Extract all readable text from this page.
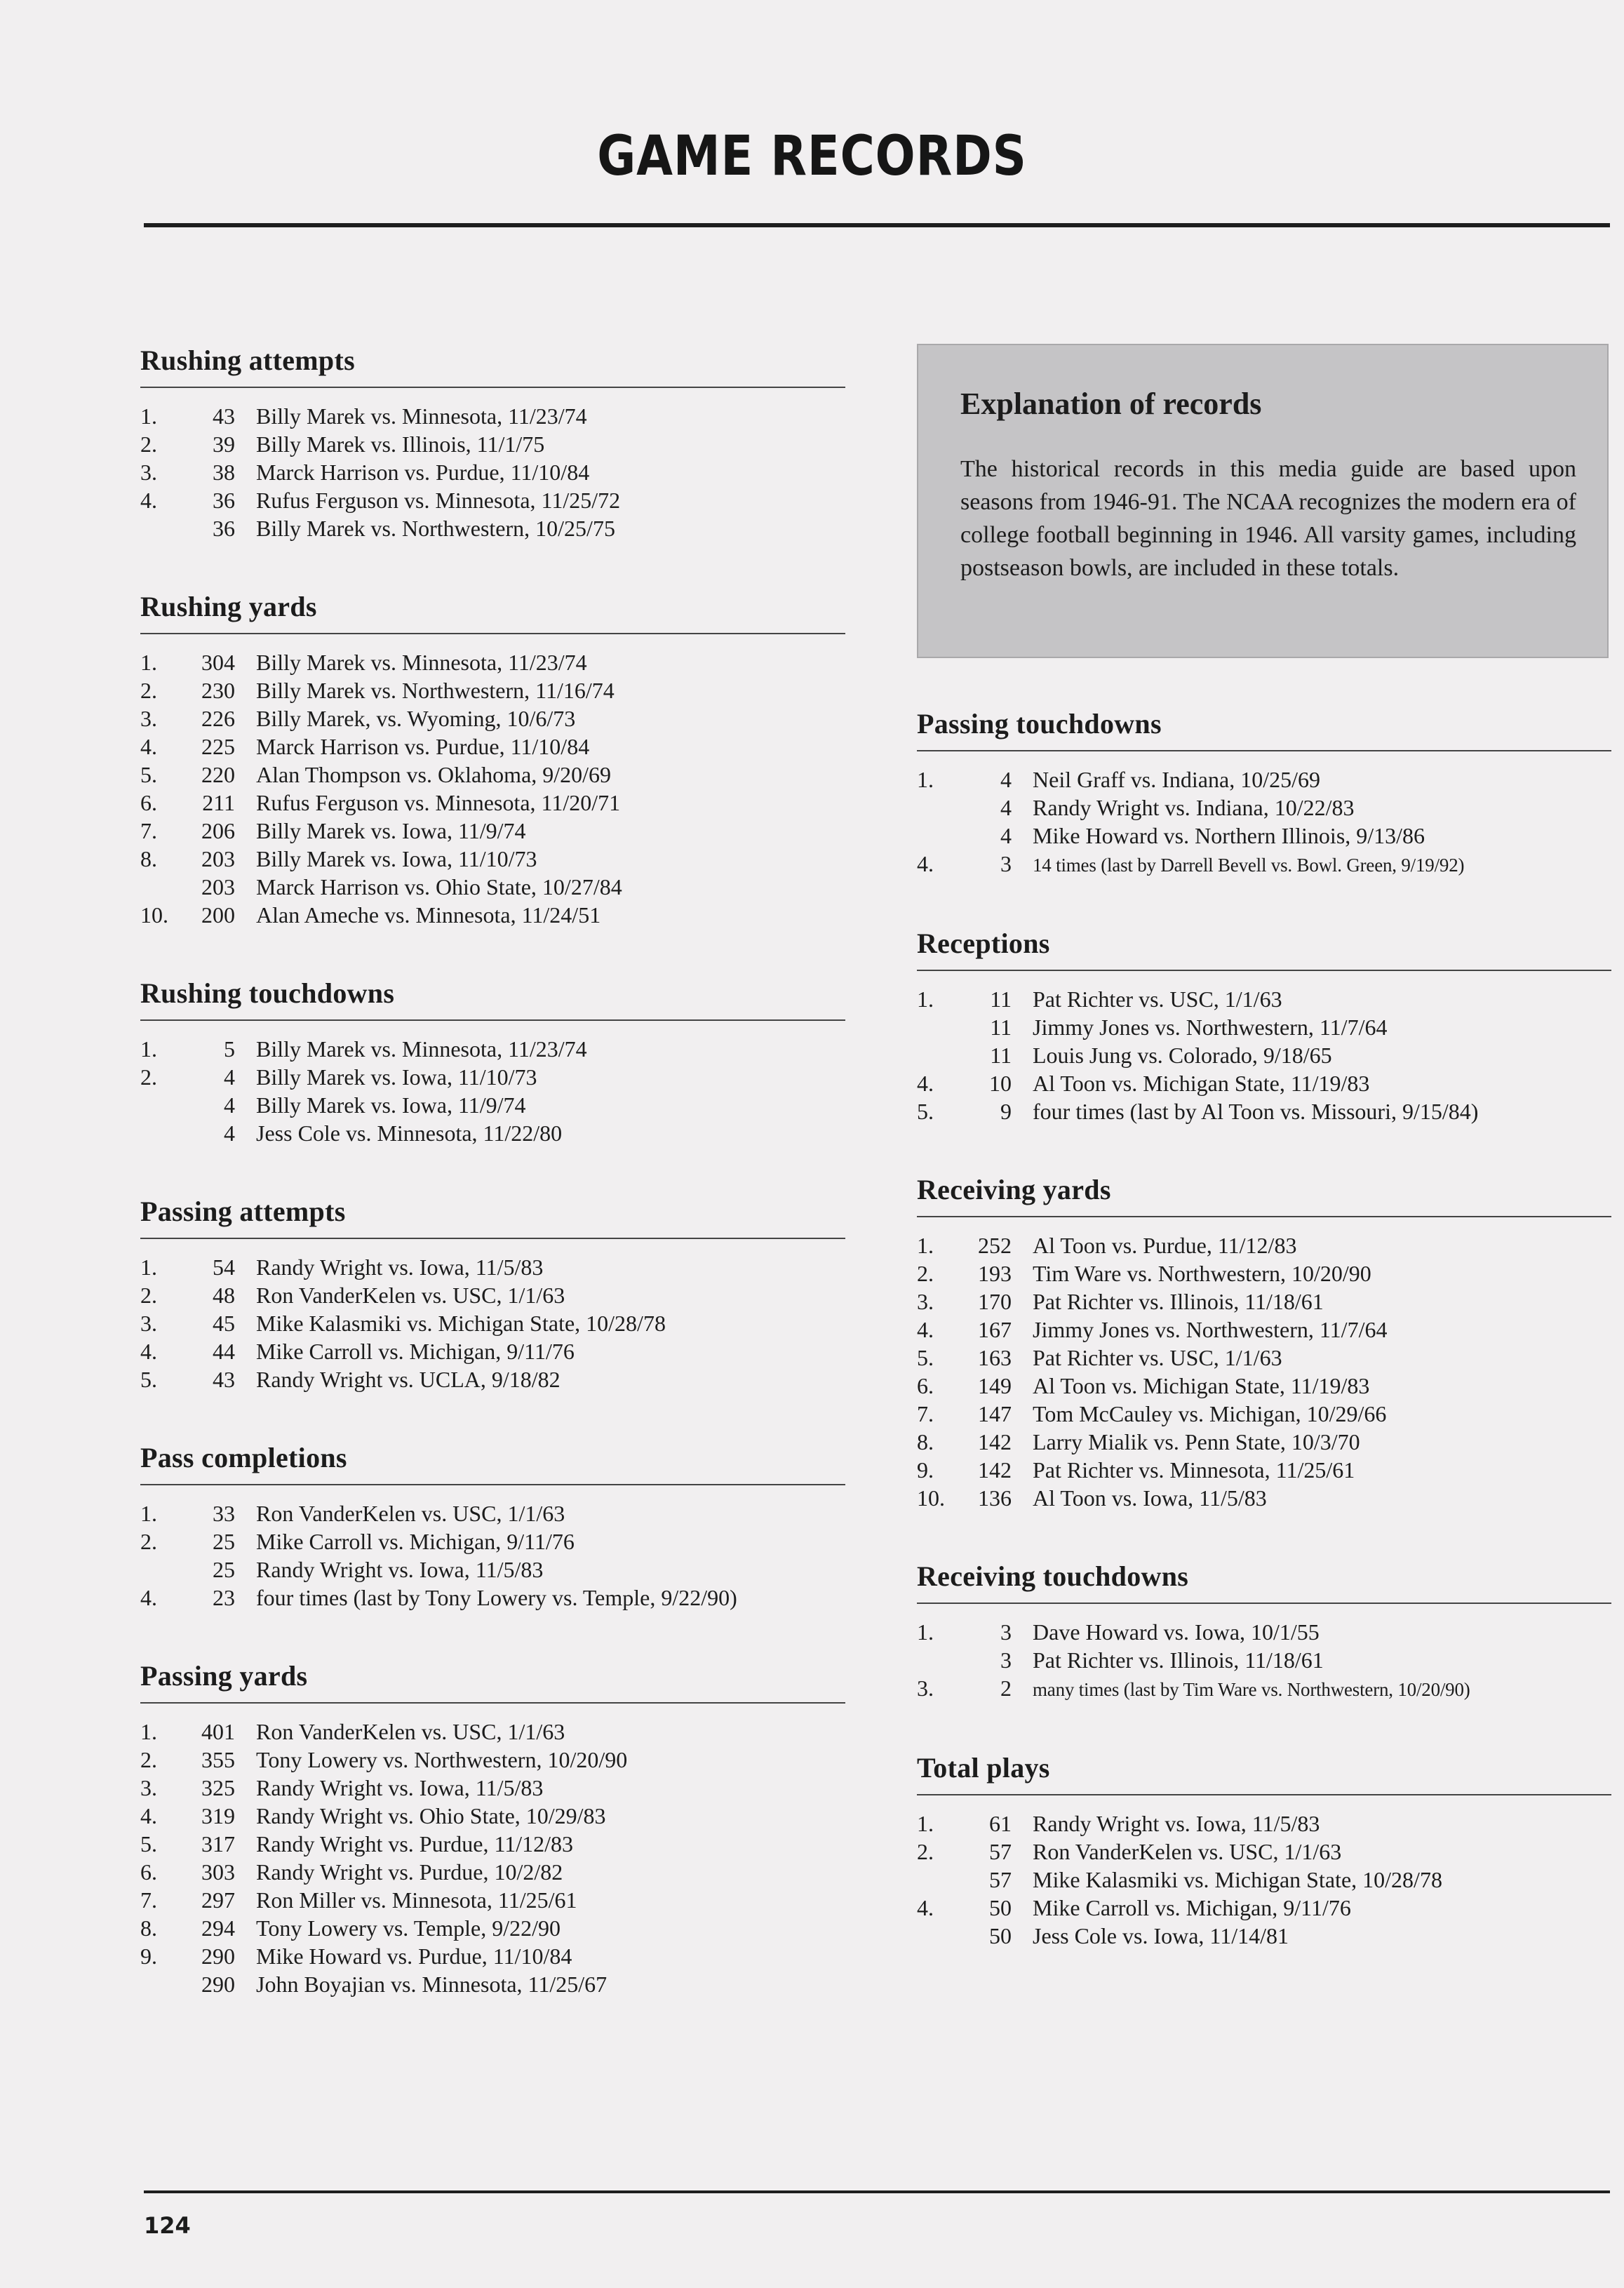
GAME RECORDS
Rushing attempts
1.	43 Billy Marek vs. Minnesota, 11/23/74
2.	39 Billy Marek vs. Illinois, 11/1/75
3.	38 Marck Harrison vs. Purdue, 11/10/84
4.	36 Rufus Ferguson vs. Minnesota, 11/25/72
36 Billy Marek vs. Northwestern, 10/25/75
Rushing yards
1.	304 Billy Marek vs. Minnesota, 11/23/74
2.	230 Billy Marek vs. Northwestern, 11/16/74
3.	226 Billy Marek, vs. Wyoming, 10/6/73
4.	225 Marck Harrison vs. Purdue, 11/10/84
5.	220 Alan Thompson vs. Oklahoma, 9/20/69
6.	211 Rufus Ferguson vs. Minnesota, 11/20/71
7.	206 Billy Marek vs. Iowa, 11/9/74
8.	203 Billy Marek vs. Iowa, 11/10/73
203 Marck Harrison vs. Ohio State, 10/27/84
10.	200 Alan Ameche vs. Minnesota, 11/24/51
Rushing touchdowns
1.	5 Billy Marek vs. Minnesota, 11/23/74
2.	4 Billy Marek vs. Iowa, 11/10/73
4 Billy Marek vs. Iowa, 11/9/74
4 Jess Cole vs. Minnesota, 11/22/80
Passing attempts
1.	54 Randy Wright vs. Iowa, 11/5/83
2.	48 Ron VanderKelen vs. USC, 1/1/63
3.	45 Mike Kalasmiki vs. Michigan State, 10/28/78
4.	44 Mike Carroll vs. Michigan, 9/11/76
5.	43 Randy Wright vs. UCLA, 9/18/82
Pass completions
1.	33 Ron VanderKelen vs. USC, 1/1/63
2.	25 Mike Carroll vs. Michigan, 9/11/76
25 Randy Wright vs. Iowa, 11/5/83
4.	23 four times (last by Tony Lowery vs. Temple, 9/22/90)
Passing yards
1.	401 Ron VanderKelen vs. USC, 1/1/63
2.	355 Tony Lowery vs. Northwestern, 10/20/90
3.	325 Randy Wright vs. Iowa, 11/5/83
4.	319 Randy Wright vs. Ohio State, 10/29/83
5.	317 Randy Wright vs. Purdue, 11/12/83
6.	303 Randy Wright vs. Purdue, 10/2/82
7.	297 Ron Miller vs. Minnesota, 11/25/61
8.	294 Tony Lowery vs. Temple, 9/22/90
9.	290 Mike Howard vs. Purdue, 11/10/84
290 John Boyajian vs. Minnesota, 11/25/67
Explanation of records

The historical records in this media guide are based upon seasons from 1946-91. The NCAA recognizes the modern era of college football beginning in 1946. All varsity games, including postseason bowls, are included in these totals.

Passing touchdowns
1.	4 Neil Graff vs. Indiana, 10/25/69
4 Randy Wright vs. Indiana, 10/22/83
4 Mike Howard vs. Northern Illinois, 9/13/86
4.	3 14 times (last by Darrell Bevell vs. Bowl. Green, 9/19/92)
Receptions
1.	11 Pat Richter vs. USC, 1/1/63
11 Jimmy Jones vs. Northwestern, 11/7/64
11 Louis Jung vs. Colorado, 9/18/65
4.	10 Al Toon vs. Michigan State, 11/19/83
5.	9 four times (last by Al Toon vs. Missouri, 9/15/84)
Receiving yards
1.	252 Al Toon vs. Purdue, 11/12/83
2.	193 Tim Ware vs. Northwestern, 10/20/90
3.	170 Pat Richter vs. Illinois, 11/18/61
4.	167 Jimmy Jones vs. Northwestern, 11/7/64
5.	163 Pat Richter vs. USC, 1/1/63
6.	149 Al Toon vs. Michigan State, 11/19/83
7.	147 Tom McCauley vs. Michigan, 10/29/66
8.	142 Larry Mialik vs. Penn State, 10/3/70
9.	142 Pat Richter vs. Minnesota, 11/25/61
10.	136 Al Toon vs. Iowa, 11/5/83
Receiving touchdowns
1.	3 Dave Howard vs. Iowa, 10/1/55
3 Pat Richter vs. Illinois, 11/18/61
3.	2 many times (last by Tim Ware vs. Northwestern, 10/20/90)
Total plays
1.	61 Randy Wright vs. Iowa, 11/5/83
2.	57 Ron VanderKelen vs. USC, 1/1/63
57 Mike Kalasmiki vs. Michigan State, 10/28/78
4.	50 Mike Carroll vs. Michigan, 9/11/76
50 Jess Cole vs. Iowa, 11/14/81
124
